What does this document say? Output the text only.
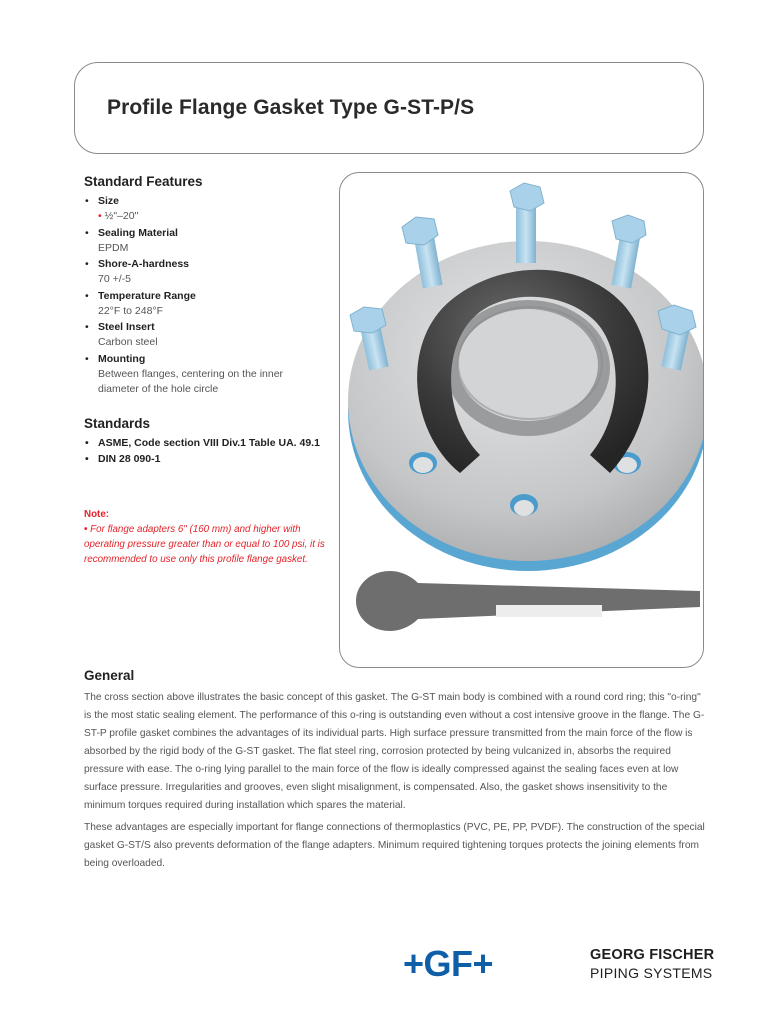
Profile Flange Gasket Type G-ST-P/S
Standard Features
• Size
• ½"–20"
• Sealing Material
EPDM
• Shore-A-hardness
70 +/-5
• Temperature Range
22°F to 248°F
• Steel Insert
Carbon steel
• Mounting
Between flanges, centering on the inner diameter of the hole circle
Standards
• ASME, Code section VIII Div.1 Table UA. 49.1
• DIN 28 090-1
Note:
• For flange adapters 6" (160 mm) and higher with operating pressure greater than or equal to 100 psi, it is recommended to use only this profile flange gasket.
General

The cross section above illustrates the basic concept of this gasket. The G-ST main body is combined with a round cord ring; this "o-ring" is the most static sealing element. The performance of this o-ring is outstanding even without a cost intensive groove in the flange. The G-ST-P profile gasket combines the advantages of its individual parts. High surface pressure transmitted from the main force of the flow is absorbed by the rigid body of the G-ST gasket. The flat steel ring, corrosion protected by being vulcanized in, absorbs the required pressure with ease. The o-ring lying parallel to the main force of the flow is ideally compressed against the sealing faces even at low surface pressure. Irregularities and grooves, even slight misalignment, is compensated. Also, the gasket shows insensitivity to the minimum torques required during installation which spares the material.

These advantages are especially important for flange connections of thermoplastics (PVC, PE, PP, PVDF). The construction of the special gasket G-ST/S also prevents deformation of the flange adapters. Minimum required tightening torques protects the joining elements from being overloaded.

+GF+	GEORG FISCHER
PIPING SYSTEMS
